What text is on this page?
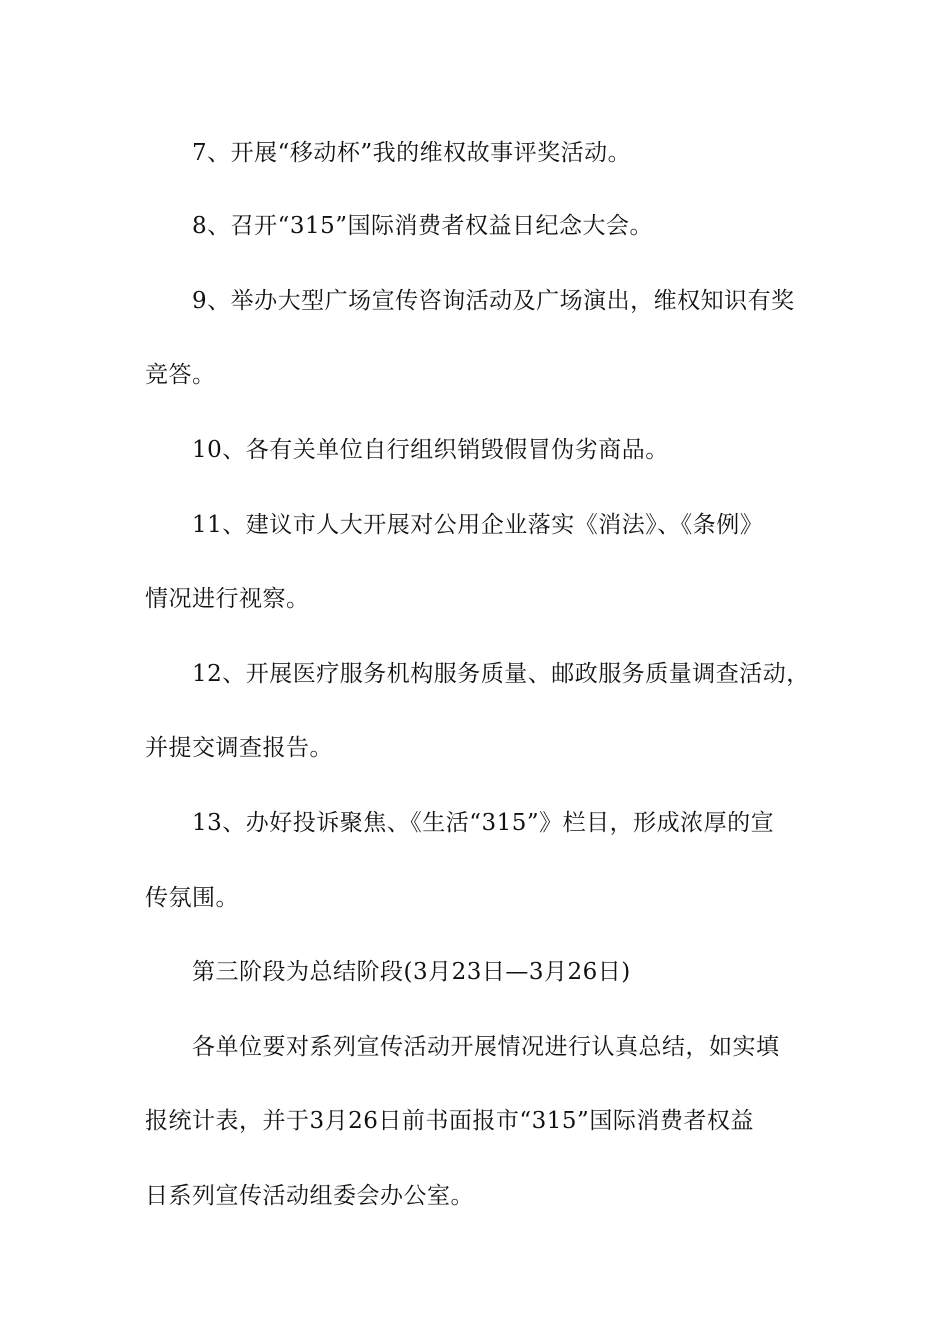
7、开展“移动杯”我的维权故事评奖活动。
8、召开“315”国际消费者权益日纪念大会。
9、举办大型广场宣传咨询活动及广场演出，维权知识有奖
竞答。
10、各有关单位自行组织销毁假冒伪劣商品。
11、建议市人大开展对公用企业落实《消法》、《条例》
情况进行视察。
12、开展医疗服务机构服务质量、邮政服务质量调查活动，
并提交调查报告。
13、办好投诉聚焦、《生活“315”》栏目，形成浓厚的宣
传氛围。
第三阶段为总结阶段(3月23日—3月26日)
各单位要对系列宣传活动开展情况进行认真总结，如实填
报统计表，并于3月26日前书面报市“315”国际消费者权益
日系列宣传活动组委会办公室。
